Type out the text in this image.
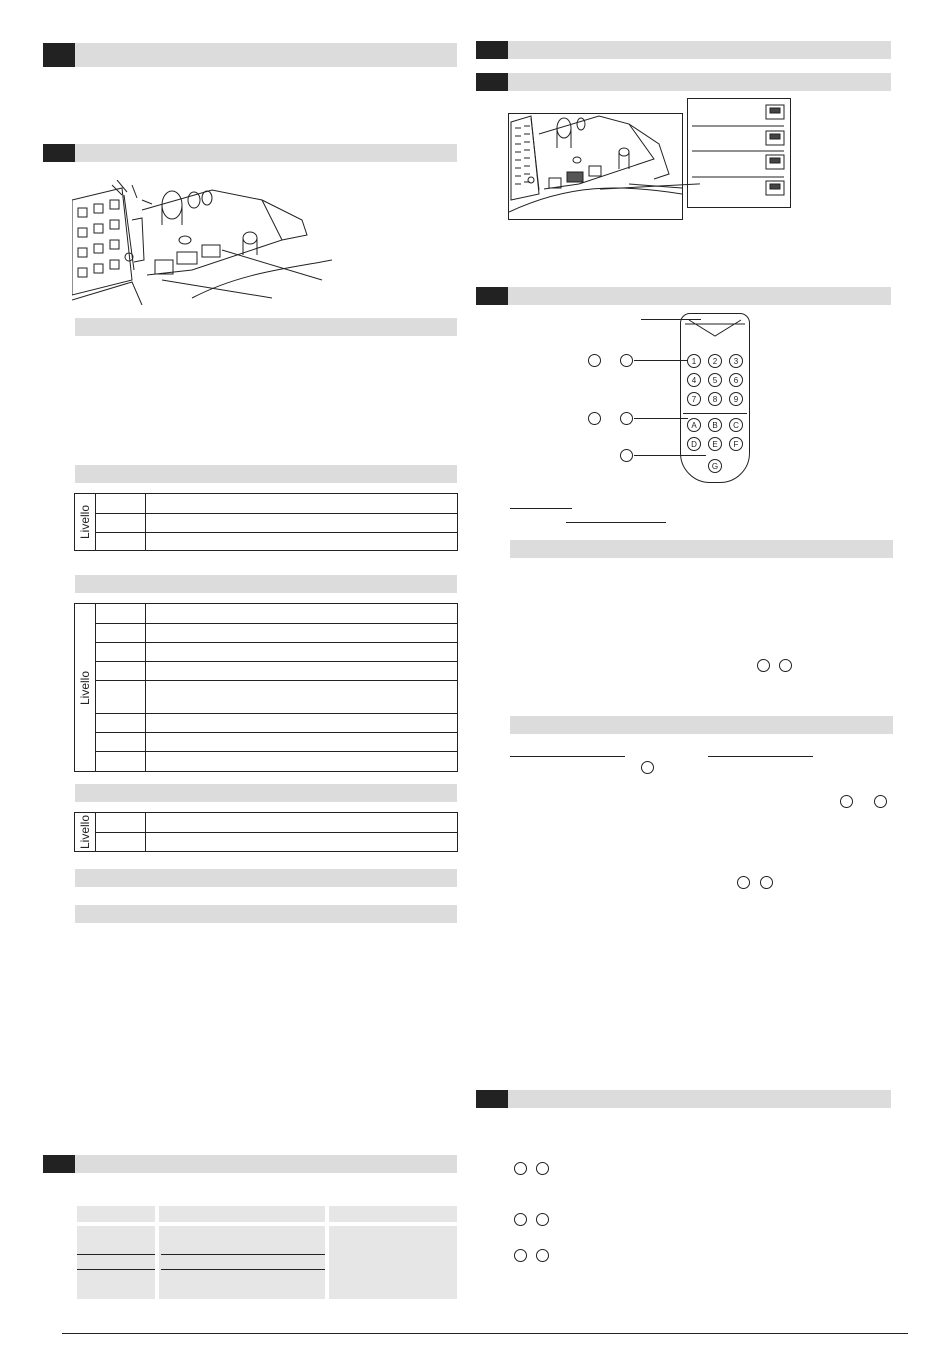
Livello
Livello
Livello
1	2	3
4	5	6
7	8	9
A	B	C
D	E	F
G
